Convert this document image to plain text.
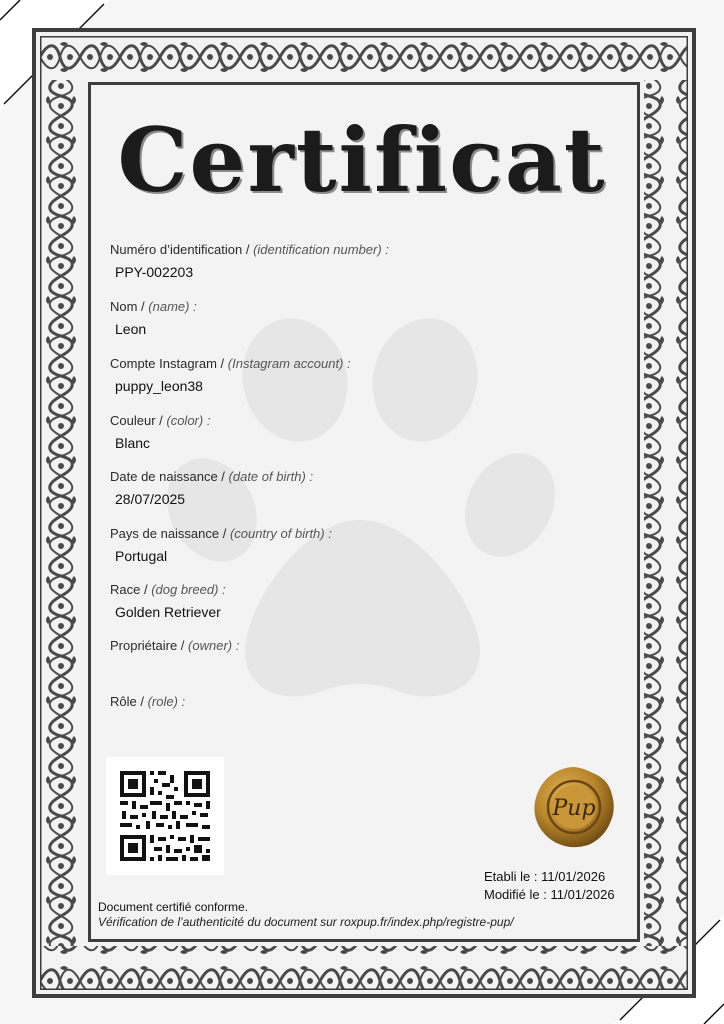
Certificat
Numéro d’identification / (identification number) :
PPY-002203
Nom / (name) :
Leon
Compte Instagram / (Instagram account) :
puppy_leon38
Couleur / (color) :
Blanc
Date de naissance / (date of birth) :
28/07/2025
Pays de naissance / (country of birth) :
Portugal
Race / (dog breed) :
Golden Retriever
Propriétaire / (owner) :
Rôle / (role) :
Pup
Etabli le : 11/01/2026
Modifié le : 11/01/2026
Document certifié conforme.
Vérification de l’authenticité du document sur roxpup.fr/index.php/registre-pup/
